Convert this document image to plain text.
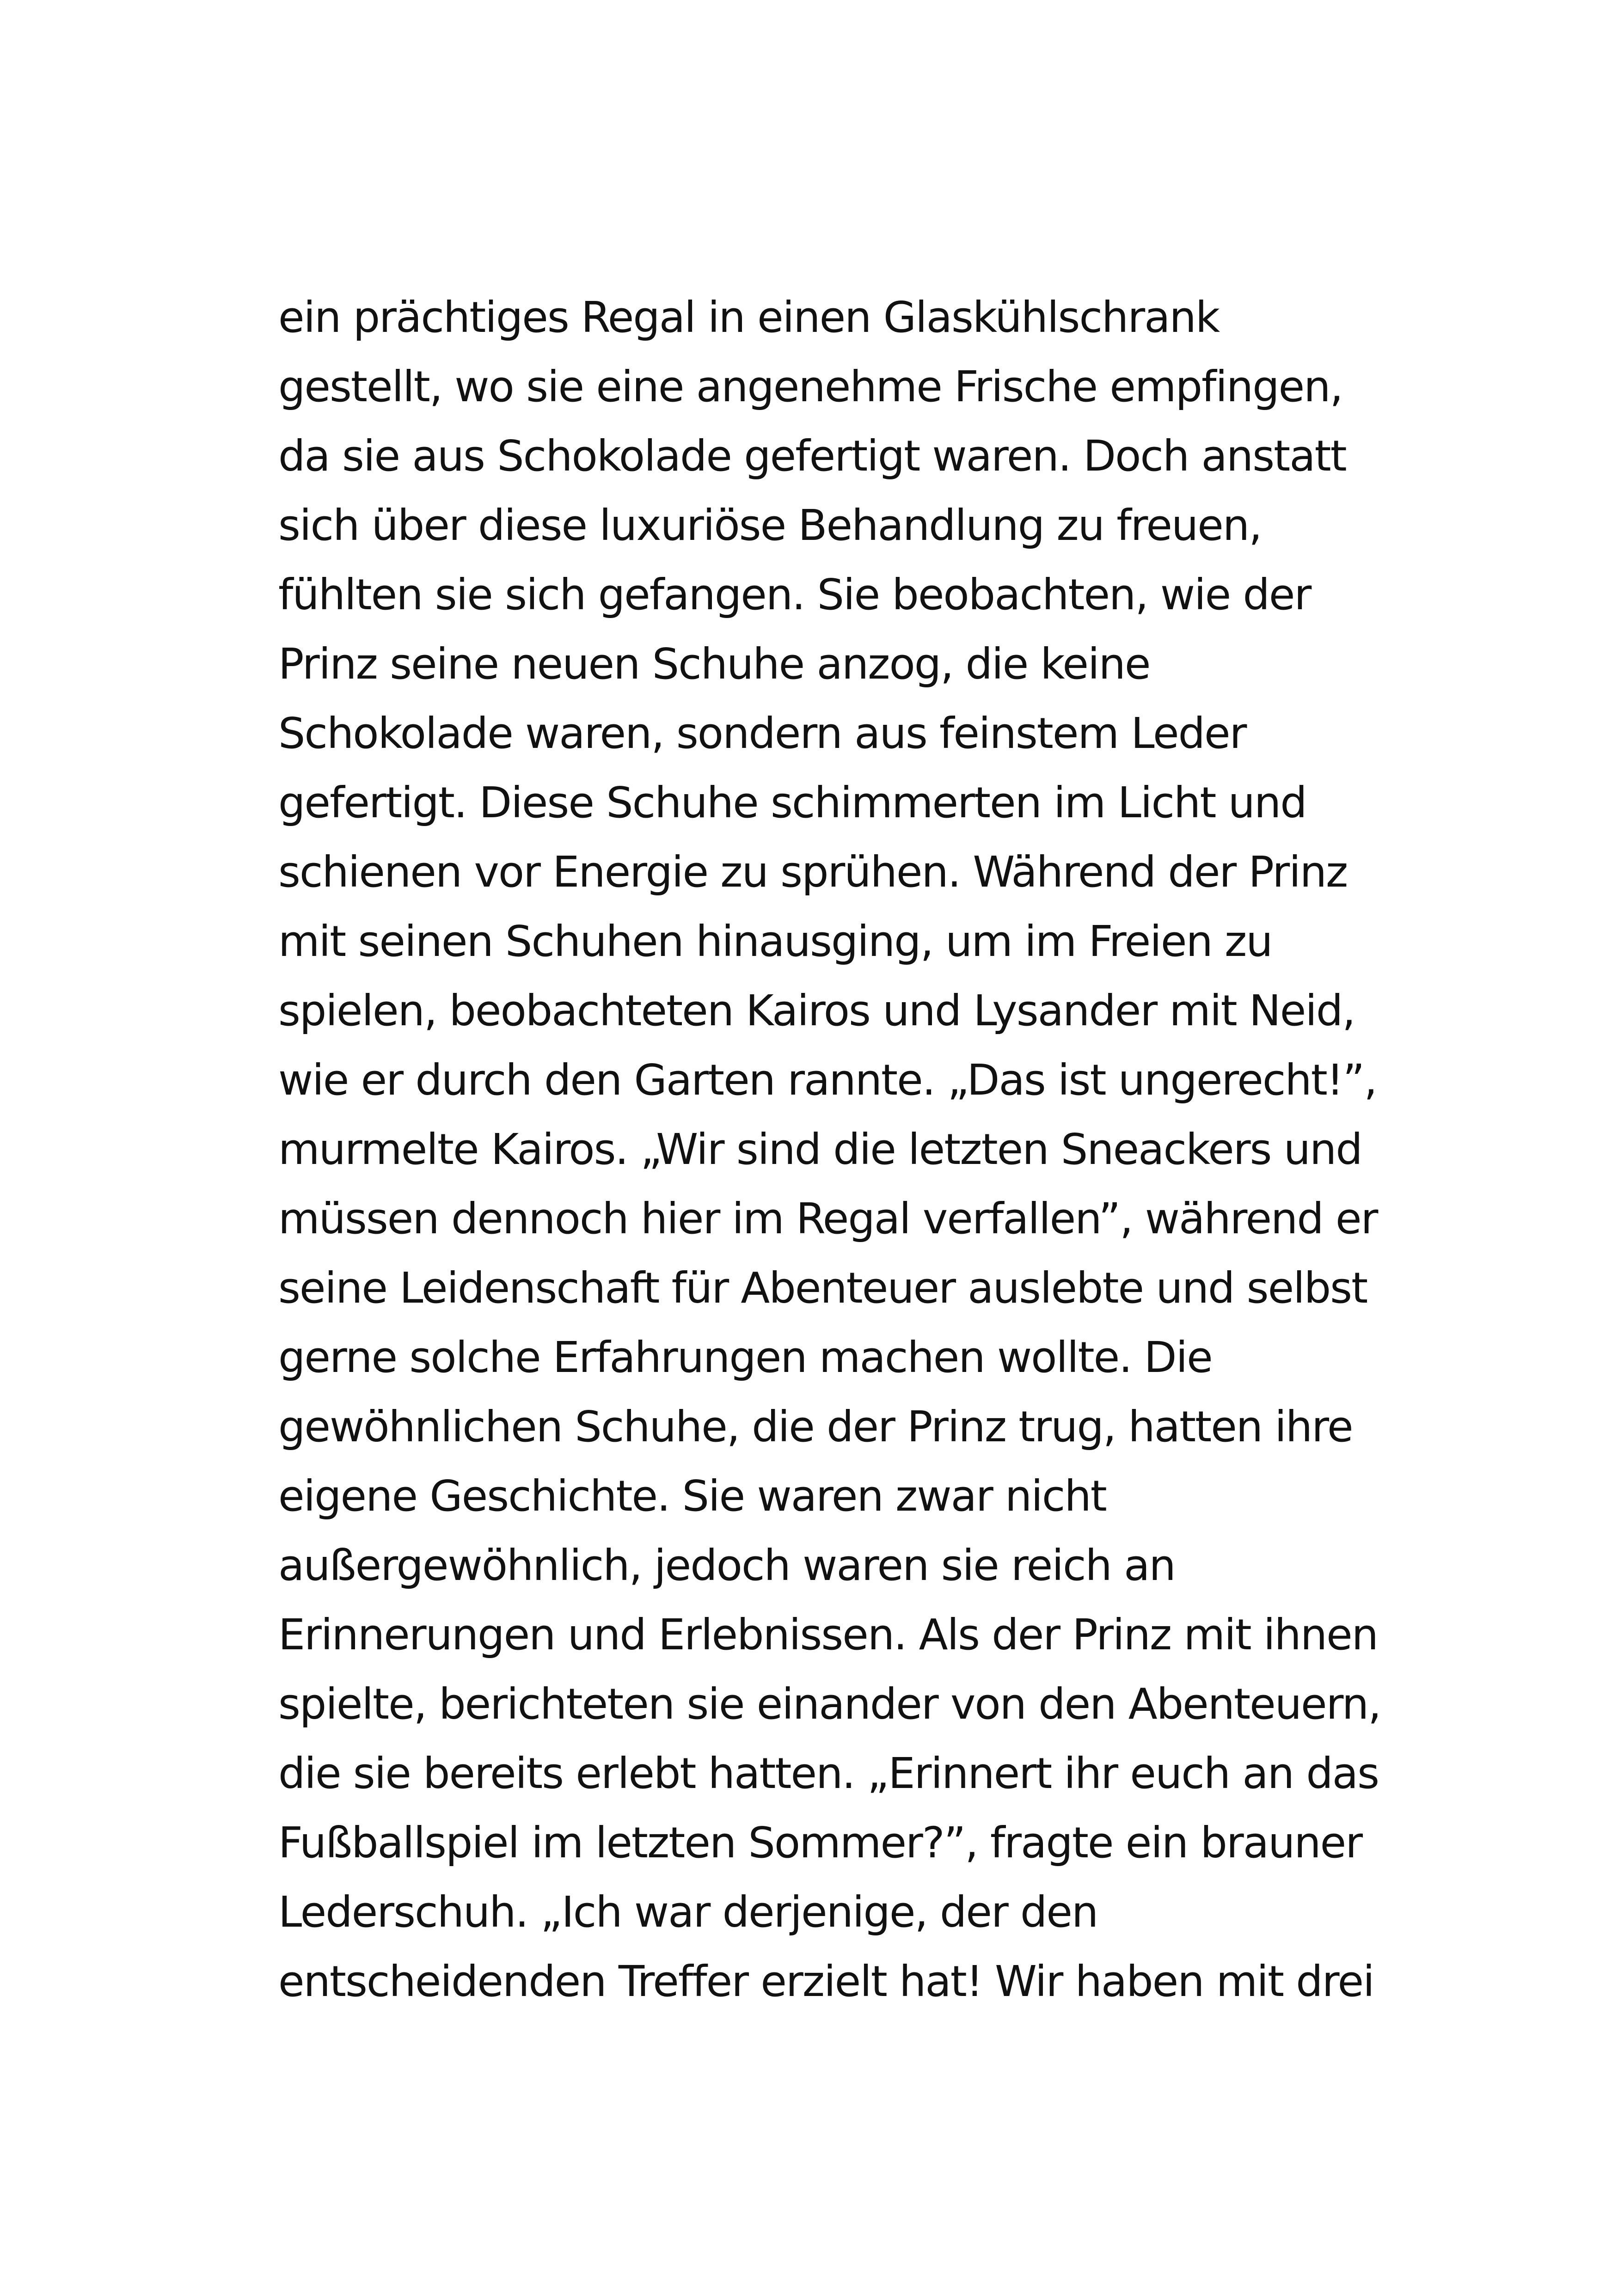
ein prächtiges Regal in einen Glaskühlschrank
gestellt, wo sie eine angenehme Frische empfingen,
da sie aus Schokolade gefertigt waren. Doch anstatt
sich über diese luxuriöse Behandlung zu freuen,
fühlten sie sich gefangen. Sie beobachten, wie der
Prinz seine neuen Schuhe anzog, die keine
Schokolade waren, sondern aus feinstem Leder
gefertigt. Diese Schuhe schimmerten im Licht und
schienen vor Energie zu sprühen. Während der Prinz
mit seinen Schuhen hinausging, um im Freien zu
spielen, beobachteten Kairos und Lysander mit Neid,
wie er durch den Garten rannte. „Das ist ungerecht!”,
murmelte Kairos. „Wir sind die letzten Sneackers und
müssen dennoch hier im Regal verfallen”, während er
seine Leidenschaft für Abenteuer auslebte und selbst
gerne solche Erfahrungen machen wollte. Die
gewöhnlichen Schuhe, die der Prinz trug, hatten ihre
eigene Geschichte. Sie waren zwar nicht
außergewöhnlich, jedoch waren sie reich an
Erinnerungen und Erlebnissen. Als der Prinz mit ihnen
spielte, berichteten sie einander von den Abenteuern,
die sie bereits erlebt hatten. „Erinnert ihr euch an das
Fußballspiel im letzten Sommer?”, fragte ein brauner
Lederschuh. „Ich war derjenige, der den
entscheidenden Treffer erzielt hat! Wir haben mit drei
